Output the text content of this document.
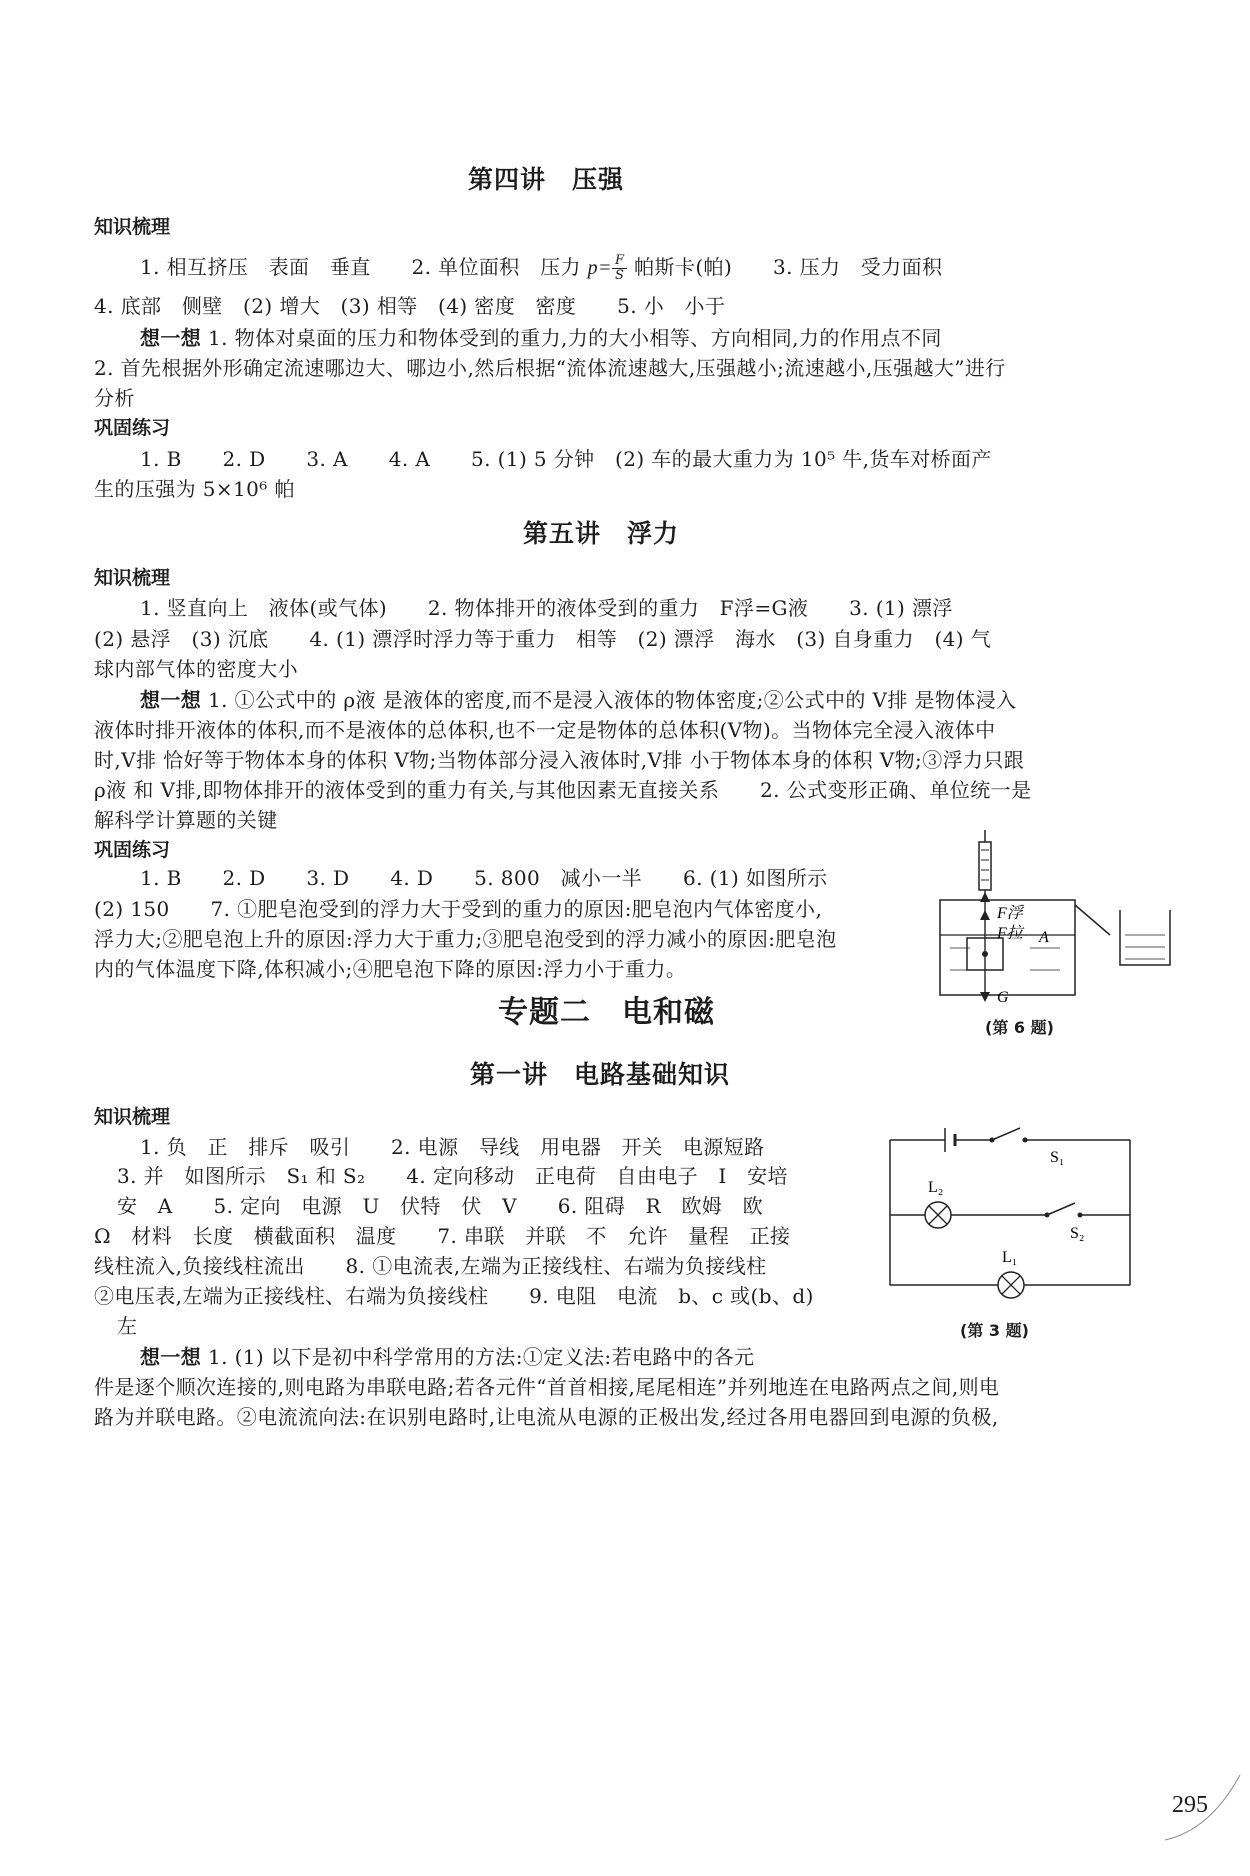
第四讲　压强
知识梳理
1. 相互挤压　表面　垂直　　2. 单位面积　压力 $p= \frac{F}{S}$ 帕斯卡(帕)　　3. 压力　受力面积
4. 底部　侧壁　(2) 增大　(3) 相等　(4) 密度　密度　　5. 小　小于
想一想 1. 物体对桌面的压力和物体受到的重力,力的大小相等、方向相同,力的作用点不同
2. 首先根据外形确定流速哪边大、哪边小,然后根据“流体流速越大,压强越小;流速越小,压强越大”进行
分析
巩固练习
1. B　　2. D　　3. A　　4. A　　5. (1) 5 分钟　(2) 车的最大重力为 10⁵ 牛,货车对桥面产
生的压强为 5×10⁶ 帕
第五讲　浮力
知识梳理
1. 竖直向上　液体(或气体)　　2. 物体排开的液体受到的重力　F浮=G液　　3. (1) 漂浮
(2) 悬浮　(3) 沉底　　4. (1) 漂浮时浮力等于重力　相等　(2) 漂浮　海水　(3) 自身重力　(4) 气
球内部气体的密度大小
想一想 1. ①公式中的 ρ液 是液体的密度,而不是浸入液体的物体密度;②公式中的 V排 是物体浸入
液体时排开液体的体积,而不是液体的总体积,也不一定是物体的总体积(V物)。当物体完全浸入液体中
时,V排 恰好等于物体本身的体积 V物;当物体部分浸入液体时,V排 小于物体本身的体积 V物;③浮力只跟
ρ液 和 V排,即物体排开的液体受到的重力有关,与其他因素无直接关系　　2. 公式变形正确、单位统一是
解科学计算题的关键
巩固练习
1. B　　2. D　　3. D　　4. D　　5. 800　减小一半　　6. (1) 如图所示
(2) 150　　7. ①肥皂泡受到的浮力大于受到的重力的原因:肥皂泡内气体密度小,
浮力大;②肥皂泡上升的原因:浮力大于重力;③肥皂泡受到的浮力减小的原因:肥皂泡
内的气体温度下降,体积减小;④肥皂泡下降的原因:浮力小于重力。
F浮
F拉 A
G
(第 6 题)
专题二　电和磁
第一讲　电路基础知识
知识梳理
1. 负　正　排斥　吸引　　2. 电源　导线　用电器　开关　电源短路
3. 并　如图所示　S₁ 和 S₂　　4. 定向移动　正电荷　自由电子　I　安培
安　A　　5. 定向　电源　U　伏特　伏　V　　6. 阻碍　R　欧姆　欧
Ω　材料　长度　横截面积　温度　　7. 串联　并联　不　允许　量程　正接
线柱流入,负接线柱流出　　8. ①电流表,左端为正接线柱、右端为负接线柱
②电压表,左端为正接线柱、右端为负接线柱　　9. 电阻　电流　b、c 或(b、d)
左
想一想 1. (1) 以下是初中科学常用的方法:①定义法:若电路中的各元
件是逐个顺次连接的,则电路为串联电路;若各元件“首首相接,尾尾相连”并列地连在电路两点之间,则电
路为并联电路。②电流流向法:在识别电路时,让电流从电源的正极出发,经过各用电器回到电源的负极,
S₁
L₂
S₂
L₁
(第 3 题)
295
